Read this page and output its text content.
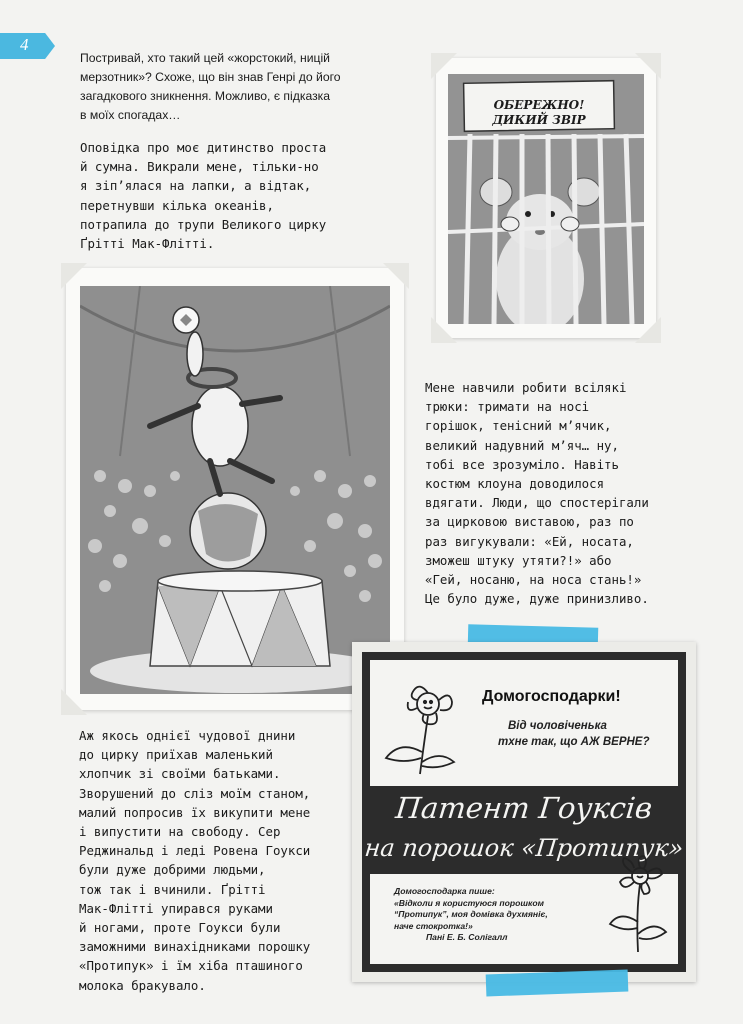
4
Постривай, хто такий цей «жорстокий, ницій
мерзотник»? Схоже, що він знав Генрі до його
загадкового зникнення. Можливо, є підказка
в моїх спогадах…
Оповідка про моє дитинство проста
й сумна. Викрали мене, тільки-но
я зіп’ялася на лапки, а відтак,
перетнувши кілька океанів,
потрапила до трупи Великого цирку
Ґрітті Мак-Флітті.
Мене навчили робити всілякі
трюки: тримати на носі
горішок, тенісний м’ячик,
великий надувний м’яч… ну,
тобі все зрозуміло. Навіть
костюм клоуна доводилося
вдягати. Люди, що спостерігали
за цирковою виставою, раз по
раз вигукували: «Ей, носата,
зможеш штуку утяти?!» або
«Гей, носаню, на носа стань!»
Це було дуже, дуже принизливо.
Аж якось однієї чудової днини
до цирку приїхав маленький
хлопчик зі своїми батьками.
Зворушений до сліз моїм станом,
малий попросив їх викупити мене
і випустити на свободу. Сер
Реджинальд і леді Ровена Гоукси
були дуже добрими людьми,
тож так і вчинили. Ґрітті
Мак-Флітті упирався руками
й ногами, проте Гоукси були
заможними винахідниками порошку
«Протипук» і їм хіба пташиного
молока бракувало.
ОБЕРЕЖНО!
ДИКИЙ ЗВІР
Домогосподарки!
Від чоловіченька
тхне так, що АЖ ВЕРНЕ?
Патент Гоуксів
на порошок «Протипук»
Домогосподарка пише:
«Відколи я користуюся порошком
“Протипук”, моя домівка духмяніє,
наче стокротка!»
Пані Е. Б. Солігалл
